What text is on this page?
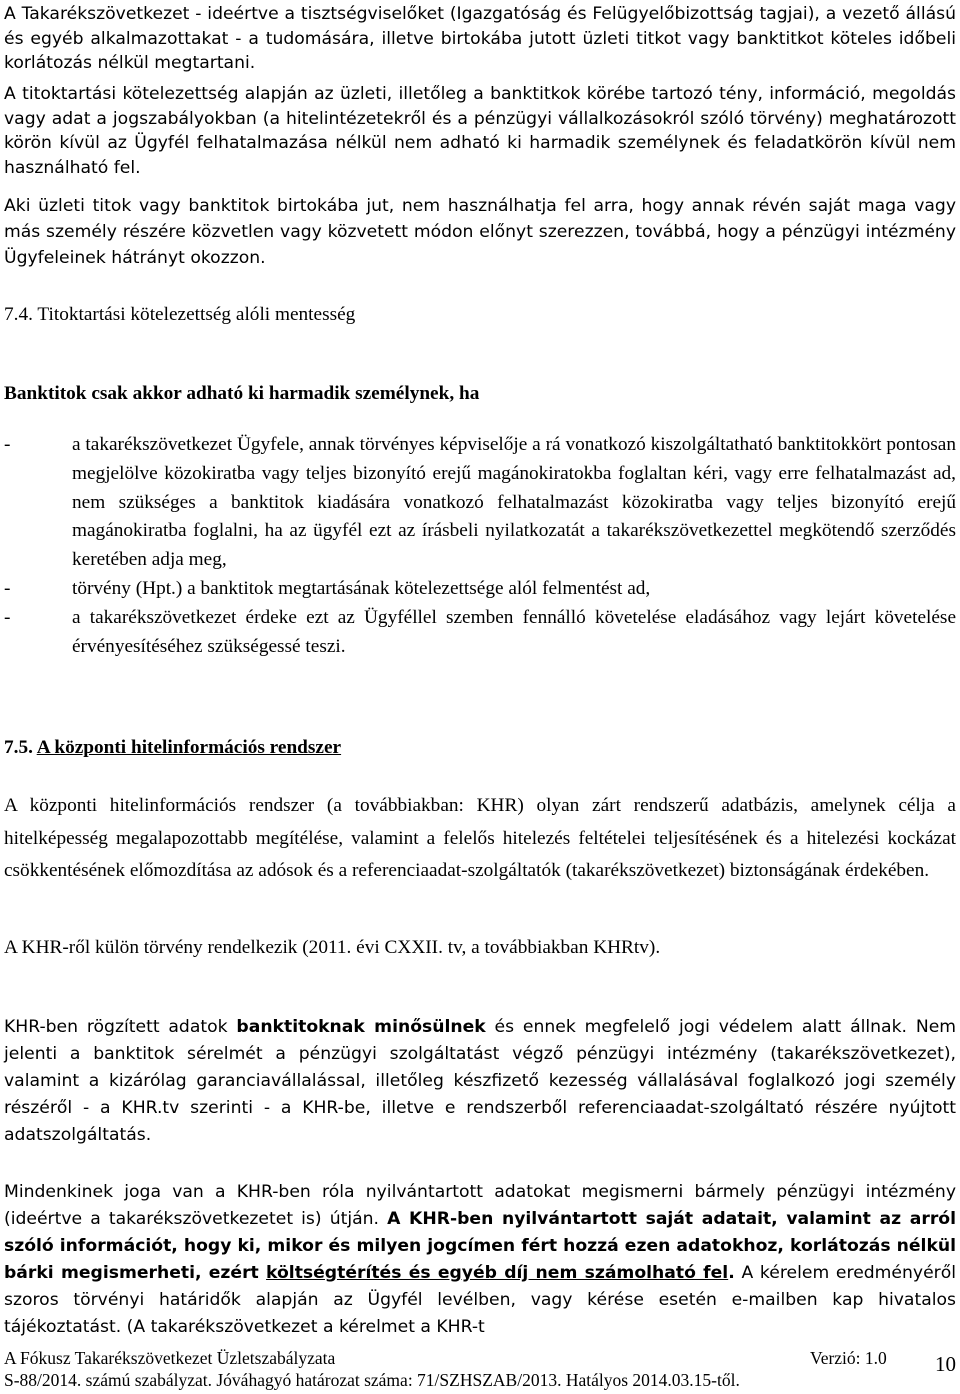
A Takarékszövetkezet - ideértve a tisztségviselőket (Igazgatóság és Felügyelőbizottság tagjai), a vezető állású és egyéb alkalmazottakat - a tudomására, illetve birtokába jutott üzleti titkot vagy banktitkot köteles időbeli korlátozás nélkül megtartani.

A titoktartási kötelezettség alapján az üzleti, illetőleg a banktitkok körébe tartozó tény, információ, megoldás vagy adat a jogszabályokban (a hitelintézetekről és a pénzügyi vállalkozásokról szóló törvény) meghatározott körön kívül az Ügyfél felhatalmazása nélkül nem adható ki harmadik személynek és feladatkörön kívül nem használható fel.

Aki üzleti titok vagy banktitok birtokába jut, nem használhatja fel arra, hogy annak révén saját maga vagy más személy részére közvetlen vagy közvetett módon előnyt szerezzen, továbbá, hogy a pénzügyi intézmény Ügyfeleinek hátrányt okozzon.

7.4. Titoktartási kötelezettség alóli mentesség

Banktitok csak akkor adható ki harmadik személynek, ha

-	a takarékszövetkezet Ügyfele, annak törvényes képviselője a rá vonatkozó kiszolgáltatható banktitokkört pontosan megjelölve közokiratba vagy teljes bizonyító erejű magánokiratokba foglaltan kéri, vagy erre felhatalmazást ad, nem szükséges a banktitok kiadására vonatkozó felhatalmazást közokiratba vagy teljes bizonyító erejű magánokiratba foglalni, ha az ügyfél ezt az írásbeli nyilatkozatát a takarékszövetkezettel megkötendő szerződés keretében adja meg,
-	törvény (Hpt.) a banktitok megtartásának kötelezettsége alól felmentést ad,
-	a takarékszövetkezet érdeke ezt az Ügyféllel szemben fennálló követelése eladásához vagy lejárt követelése érvényesítéséhez szükségessé teszi.

7.5. A központi hitelinformációs rendszer

A központi hitelinformációs rendszer (a továbbiakban: KHR) olyan zárt rendszerű adatbázis, amelynek célja a hitelképesség megalapozottabb megítélése, valamint a felelős hitelezés feltételei teljesítésének és a hitelezési kockázat csökkentésének előmozdítása az adósok és a referenciaadat-szolgáltatók (takarékszövetkezet) biztonságának érdekében.

A KHR-ről külön törvény rendelkezik (2011. évi CXXII. tv, a továbbiakban KHRtv).

KHR-ben rögzített adatok banktitoknak minősülnek és ennek megfelelő jogi védelem alatt állnak. Nem jelenti a banktitok sérelmét a pénzügyi szolgáltatást végző pénzügyi intézmény (takarékszövetkezet), valamint a kizárólag garanciavállalással, illetőleg készfizető kezesség vállalásával foglalkozó jogi személy részéről - a KHR.tv szerinti - a KHR-be, illetve e rendszerből referenciaadat-szolgáltató részére nyújtott adatszolgáltatás.

Mindenkinek joga van a KHR-ben róla nyilvántartott adatokat megismerni bármely pénzügyi intézmény (ideértve a takarékszövetkezetet is) útján. A KHR-ben nyilvántartott saját adatait, valamint az arról szóló információt, hogy ki, mikor és milyen jogcímen fért hozzá ezen adatokhoz, korlátozás nélkül bárki megismerheti, ezért költségtérítés és egyéb díj nem számolható fel. A kérelem eredményéről szoros törvényi határidők alapján az Ügyfél levélben, vagy kérése esetén e-mailben kap hivatalos tájékoztatást. (A takarékszövetkezet a kérelmet a KHR-t

A Fókusz Takarékszövetkezet Üzletszabályzata	Verzió: 1.0 10
S-88/2014. számú szabályzat. Jóváhagyó határozat száma: 71/SZHSZAB/2013. Hatályos 2014.03.15-től.
